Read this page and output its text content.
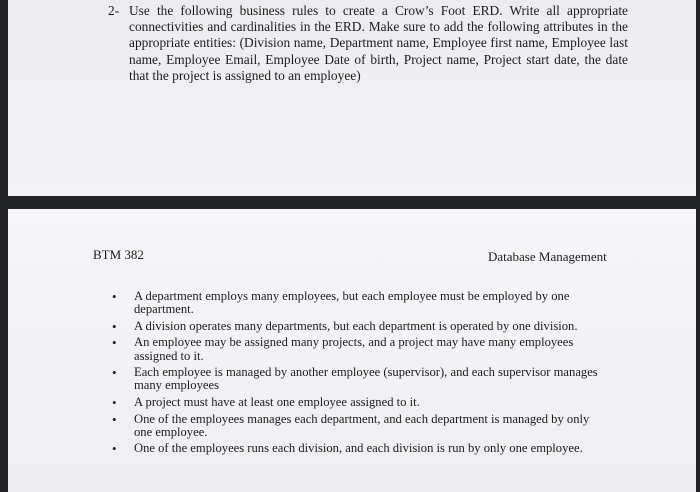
2- Use the following business rules to create a Crow’s Foot ERD. Write all appropriate connectivities and cardinalities in the ERD. Make sure to add the following attributes in the appropriate entities: (Division name, Department name, Employee first name, Employee last name, Employee Email, Employee Date of birth, Project name, Project start date, the date that the project is assigned to an employee)
BTM 382	Database Management
• A department employs many employees, but each employee must be employed by one department.
• A division operates many departments, but each department is operated by one division.
• An employee may be assigned many projects, and a project may have many employees assigned to it.
• Each employee is managed by another employee (supervisor), and each supervisor manages many employees
• A project must have at least one employee assigned to it.
• One of the employees manages each department, and each department is managed by only one employee.
• One of the employees runs each division, and each division is run by only one employee.
